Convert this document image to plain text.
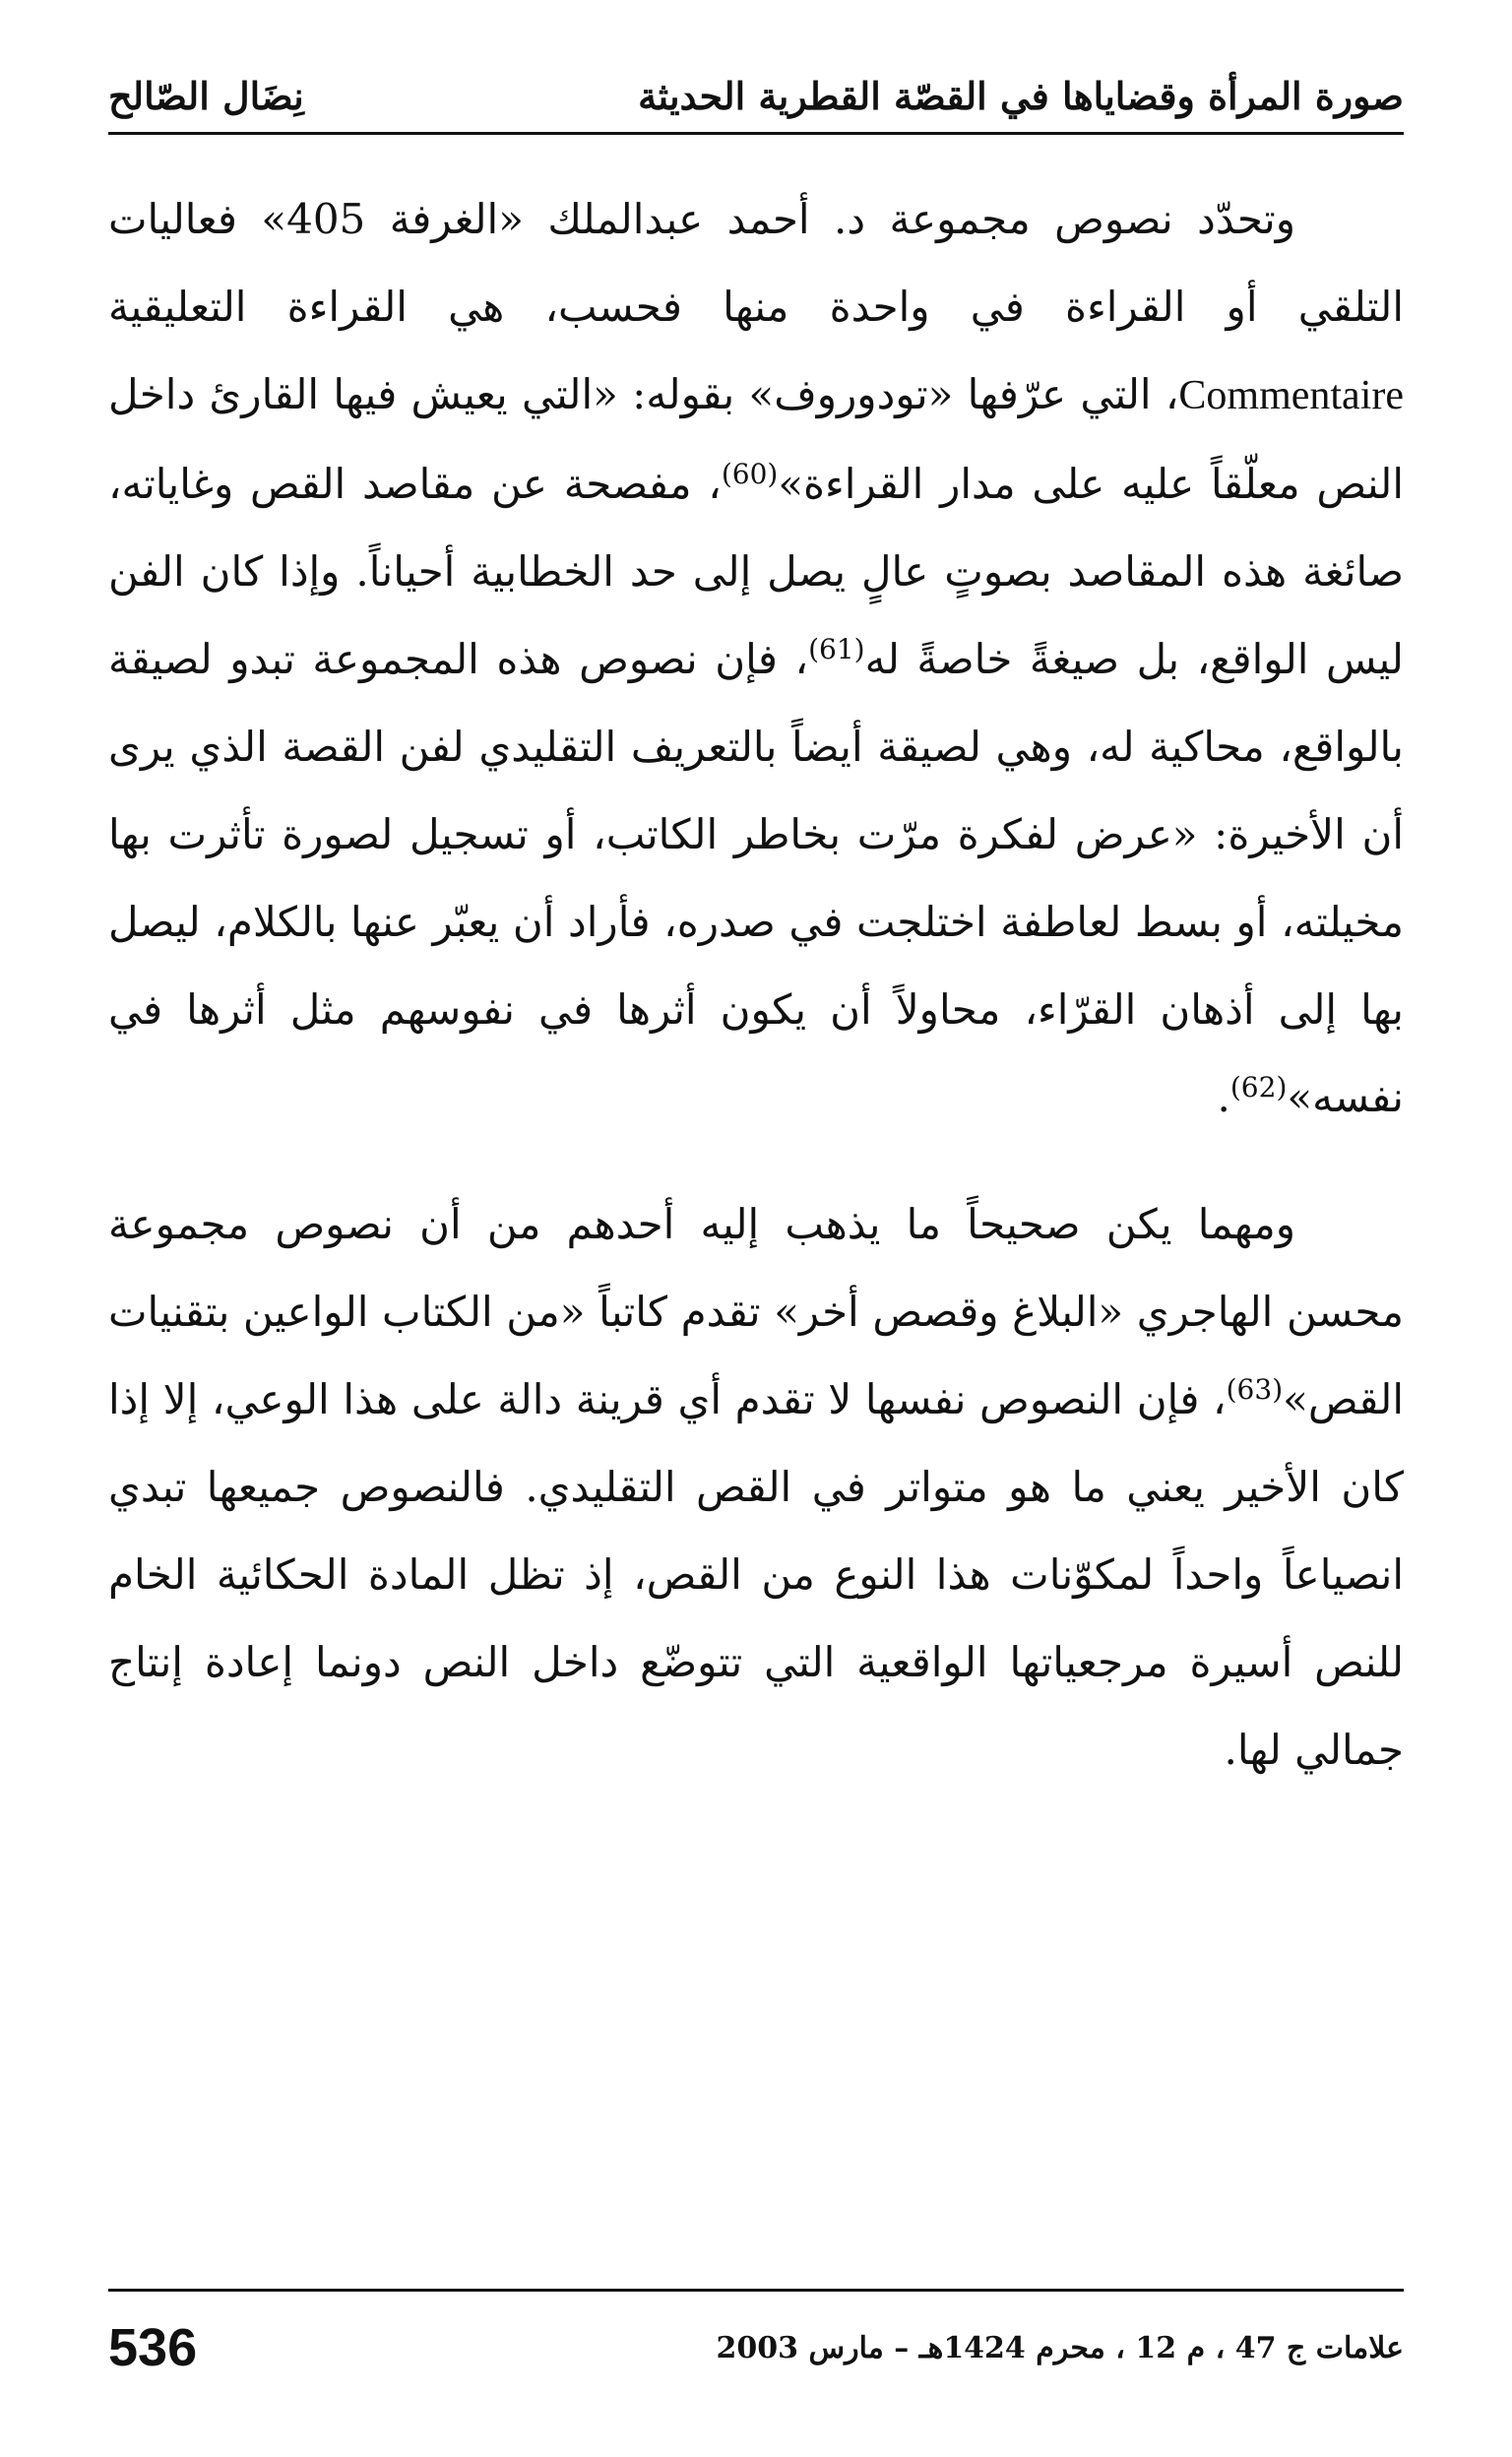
صورة المرأة وقضاياها في القصّة القطرية الحديثة
نِضَال الصّالح

وتحدّد نصوص مجموعة د. أحمد عبدالملك «الغرفة 405» فعاليات التلقي أو القراءة في واحدة منها فحسب، هي القراءة التعليقية Commentaire، التي عرّفها «تودوروف» بقوله: «التي يعيش فيها القارئ داخل النص معلّقاً عليه على مدار القراءة»$^{(60)}$، مفصحة عن مقاصد القص وغاياته، صائغة هذه المقاصد بصوتٍ عالٍ يصل إلى حد الخطابية أحياناً. وإذا كان الفن ليس الواقع، بل صيغةً خاصةً له$^{(61)}$، فإن نصوص هذه المجموعة تبدو لصيقة بالواقع، محاكية له، وهي لصيقة أيضاً بالتعريف التقليدي لفن القصة الذي يرى أن الأخيرة: «عرض لفكرة مرّت بخاطر الكاتب، أو تسجيل لصورة تأثرت بها مخيلته، أو بسط لعاطفة اختلجت في صدره، فأراد أن يعبّر عنها بالكلام، ليصل بها إلى أذهان القرّاء، محاولاً أن يكون أثرها في نفوسهم مثل أثرها في نفسه»$^{(62)}$.

ومهما يكن صحيحاً ما يذهب إليه أحدهم من أن نصوص مجموعة محسن الهاجري «البلاغ وقصص أخر» تقدم كاتباً «من الكتاب الواعين بتقنيات القص»$^{(63)}$، فإن النصوص نفسها لا تقدم أي قرينة دالة على هذا الوعي، إلا إذا كان الأخير يعني ما هو متواتر في القص التقليدي. فالنصوص جميعها تبدي انصياعاً واحداً لمكوّنات هذا النوع من القص، إذ تظل المادة الحكائية الخام للنص أسيرة مرجعياتها الواقعية التي تتوضّع داخل النص دونما إعادة إنتاج جمالي لها.

علامات ج 47 ، م 12 ، محرم 1424هـ – مارس 2003
536
